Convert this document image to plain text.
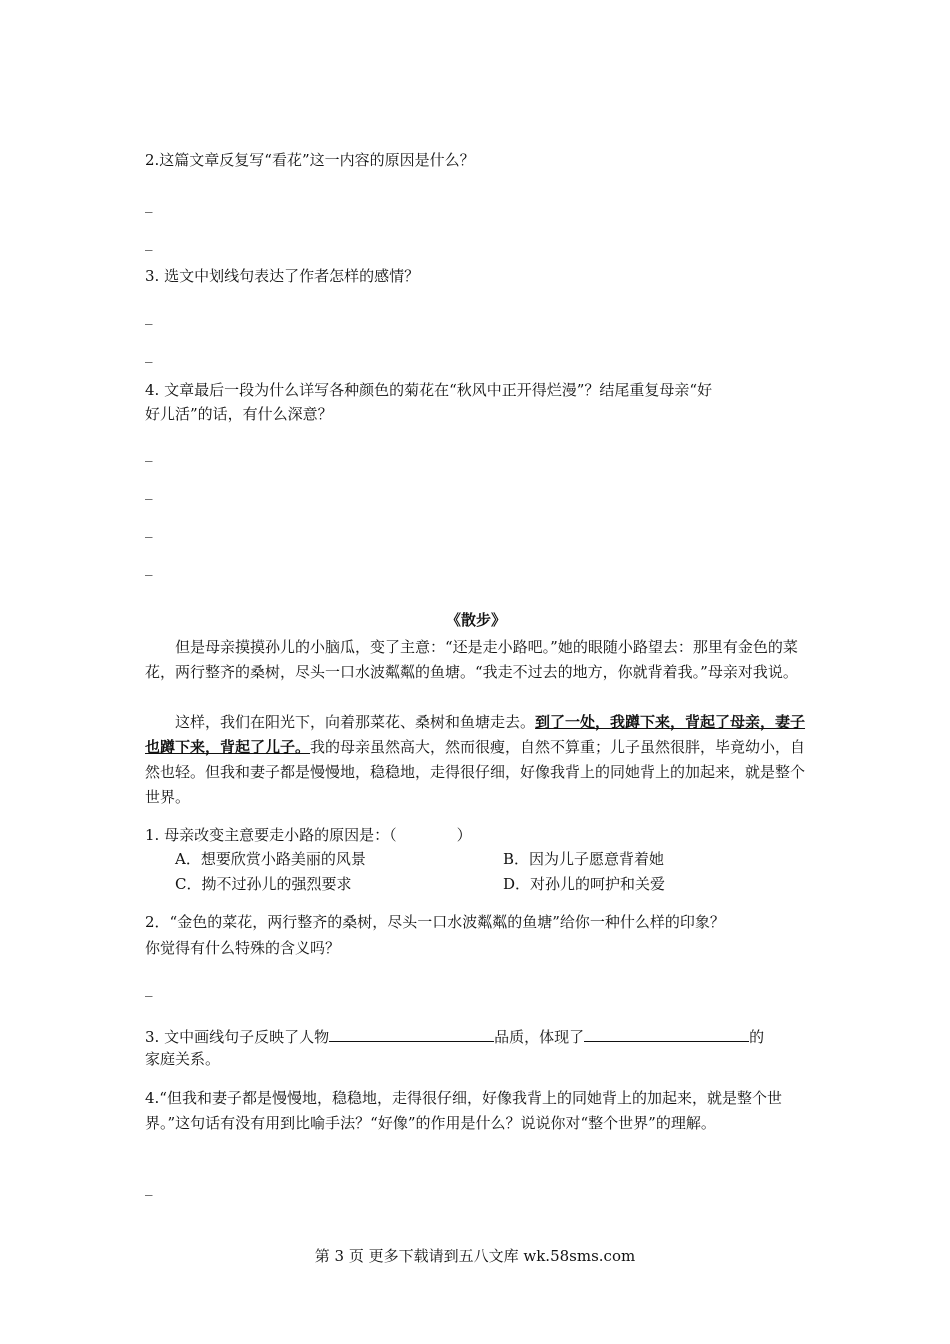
2.这篇文章反复写“看花”这一内容的原因是什么？
_
_
3. 选文中划线句表达了作者怎样的感情？
_
_
4. 文章最后一段为什么详写各种颜色的菊花在“秋风中正开得烂漫”？结尾重复母亲“好
好儿活”的话，有什么深意？
_
_
_
_
《散步》
但是母亲摸摸孙儿的小脑瓜，变了主意：“还是走小路吧。”她的眼随小路望去：那里有金色的菜花，两行整齐的桑树，尽头一口水波粼粼的鱼塘。“我走不过去的地方，你就背着我。”母亲对我说。
这样，我们在阳光下，向着那菜花、桑树和鱼塘走去。到了一处，我蹲下来，背起了母亲，妻子也蹲下来，背起了儿子。我的母亲虽然高大，然而很瘦，自然不算重；儿子虽然很胖，毕竟幼小，自然也轻。但我和妻子都是慢慢地，稳稳地，走得很仔细，好像我背上的同她背上的加起来，就是整个世界。
1. 母亲改变主意要走小路的原因是：（　　　　）
A．想要欣赏小路美丽的风景	B．因为儿子愿意背着她
C．拗不过孙儿的强烈要求	D．对孙儿的呵护和关爱
2．“金色的菜花，两行整齐的桑树，尽头一口水波粼粼的鱼塘”给你一种什么样的印象？
你觉得有什么特殊的含义吗？
_
3. 文中画线句子反映了人物	品质，体现了	的
家庭关系。
4.“但我和妻子都是慢慢地，稳稳地，走得很仔细，好像我背上的同她背上的加起来，就是整个世界。”这句话有没有用到比喻手法？“好像”的作用是什么？说说你对“整个世界”的理解。
_
第 3 页 更多下载请到五八文库 wk.58sms.com
